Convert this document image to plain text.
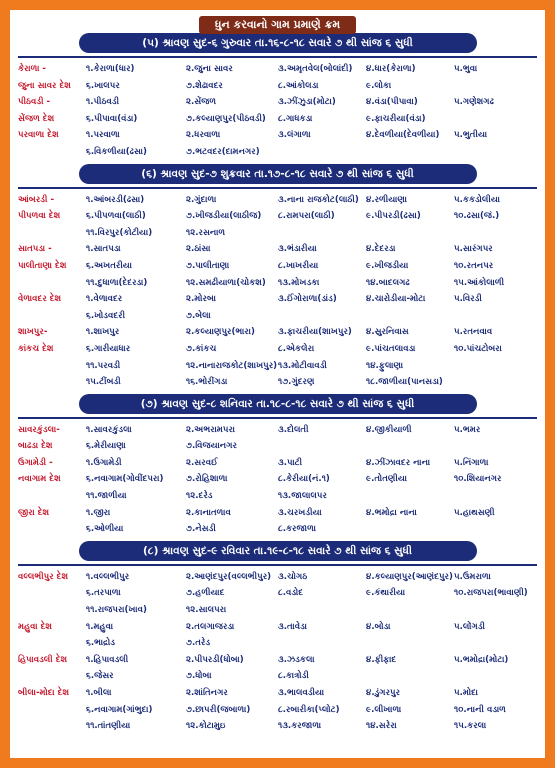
ધુન કરવાનો ગામ પ્રમાણે ક્રમ
(૫) શ્રાવણ સુદ-૬ ગુરુવાર તા.૧૬-૮-૧૮ સવારે ૭ થી સાંજ ૬ સુધી
કેરાળા -	૧.કેરાળા(ધાર)	૨.જુના સાવર	૩.અમૃતવેલ(બોલાંદી)	૪.ધાર(કેરાળા)	૫.ભુવા
જુના સાવર દેશ	૬.ખાલપર	૭.શેઢાવદર	૮.આંકોલડા	૯.લોકા
પીઠવડી -	૧.પીઠવડી	૨.સેંજળ	૩.ઝીંઝુડા(મોટા)	૪.વંડા(પીપાવા)	૫.ગણેશગઢ
સેંજળ દેશ	૬.પીપાવા(વંડા)	૭.કલ્યાણપુર(પીઠવડી)	૮.ગાધકડા	૯.ફાચરીયા(વંડા)
પરવાળા દેશ	૧.પરવાળા	૨.ધરવાળા	૩.લંગાળા	૪.દેવળીયા(દેવળીયા)	૫.ભુતીયા
૬.વિકળીયા(ઢસા)	૭.ભટવદર(દામનગર)
(૬) શ્રાવણ સુદ-૭ શુક્રવાર તા.૧૭-૮-૧૮ સવારે ૭ થી સાંજ ૬ સુધી
આંબરડી -	૧.આંબરડી(ઢસા)	૨.ગુંદાળા	૩.નાના રાજકોટ(લાઠી) ૪.રળીયાણા	૫.કકડોલીયા
પીપળવા દેશ	૬.પીપળવા(લાઠી)	૭.ખીજડીયા(લાઠીજ)	૮.રામપરા(લાઠી)	૯.પીપરડી(ઢસા)	૧૦.ઢસા(જં.)
૧૧.વિરપુર(કોટીયા)	૧૨.રસનાળ
સાતપડા -	૧.સાતપડા	૨.ઠાંસા	૩.ભંડારીયા	૪.દેદરડા	૫.સારંગપર
પાલીતાણા દેશ	૬.અખતરીયા	૭.પાલીતાણા	૮.ખાખરીયા	૯.ખીજડીયા	૧૦.રતનપર
૧૧.દુધાળા(દેદરડા)	૧૨.સમઢીયાળા(ચોકશ)	૧૩.મોખડકા	૧૪.બાદલગઢ	૧૫.આંકોલાળી
વેળાવદર દેશ	૧.વેળાવદર	૨.મોરબા	૩.ઈંગોરાળા(ડાંડ)	૪.ચારોડીયા-મોટા	૫.વિરડી
૬.ખોડવદરી	૭.બેલા
શાખપુર-	૧.શાખપુર	૨.કલ્યાણપુર(ભારા)	૩.ફાચરીયા(શાખપુર)	૪.સુરનિવાસ	૫.રતનવાવ
કાંકચ દેશ	૬.ગારીયાધાર	૭.કાંકચ	૮.એકલેરા	૯.પાંચતલાવડા	૧૦.પાંચટોબરા
૧૧.પરવડી	૧૨.નાનારાજકોટ(શાખપુર) ૧૩.મોટીવાવડી	૧૪.ફુલાણા
૧૫.ટીંબડી	૧૬.ભોરીંગડા	૧૭.ગુંદરણ	૧૮.જાળીયા(પાનસડા)
(૭) શ્રાવણ સુદ-૮ શનિવાર તા.૧૮-૮-૧૮ સવારે ૭ થી સાંજ ૬ સુધી
સાવરકુંડલા-	૧.સાવરકુંડલા	૨.અભરામપરા	૩.દોલતી	૪.જીકીયાળી	૫.ભમર
બાઢડા દેશ	૬.મેરીયાણા	૭.વિજયાનગર
ઉગામેડી -	૧.ઉગામેડી	૨.સરવઈ	૩.પાટી	૪.ઝીંઝાવદર નાના	૫.નિંગાળા
નવાગામ દેશ	૬.નવાગામ(ગોવીંદપરા)	૭.રોહિશાળા	૮.કેરીયા(નં.૧)	૯.તોતણીયા	૧૦.શિયાનગર
૧૧.જાળીયા	૧૨.દરેડ	૧૩.જાલાલપર
જીરા દેશ	૧.જીરા	૨.કાનાતળાવ	૩.ચરખડીયા	૪.ભમોદ્રા નાના	૫.હાથસણી
૬.ઓળીયા	૭.નેસડી	૮.કરજાળા
(૮) શ્રાવણ સુદ-૯ રવિવાર તા.૧૯-૮-૧૮ સવારે ૭ થી સાંજ ૬ સુધી
વલ્લભીપુર દેશ	૧.વલ્લભીપુર	૨.આણંદપુર(વલ્લભીપુર) ૩.ચોગઠ	૪.કલ્યાણપુર(આણંદપુર) ૫.ઉમરાળા
૬.તરપાળા	૭.હળીયાદ	૮.વડોદ	૯.કંથારીયા	૧૦.રાજપરા(ભાવાણી)
૧૧.રાજપરા(ખાવ)	૧૨.સાલપરા
મહુવા દેશ	૧.મહુવા	૨.તલગાજરડા	૩.તાવેડા	૪.બોડા	૫.લોંગડી
૬.ભાદ્રોડ	૭.તરેડ
હિપાવડલી દેશ	૧.હિપાવડલી	૨.પીપરડી(ધોબા)	૩.ઝડકલા	૪.ફીફાદ	૫.ભમોદ્રા(મોટા)
૬.જેસર	૭.ધોબા	૮.કાત્રોડી
બીલા-મોદા દેશ	૧.બીલા	૨.શાંતિનગર	૩.ભાલવડીયા	૪.ડુંગરપુર	૫.મોદા
૬.નવાગામ(ગાંભુદા)	૭.છાપરી(જબાળા)	૮.રબારીકા(પ્લોટ)	૯.લીખાળા	૧૦.નાની વડાળ
૧૧.તાંતણીયા	૧૨.કોટામુઇ	૧૩.કરજાળા	૧૪.સરેરા	૧૫.કરલા
